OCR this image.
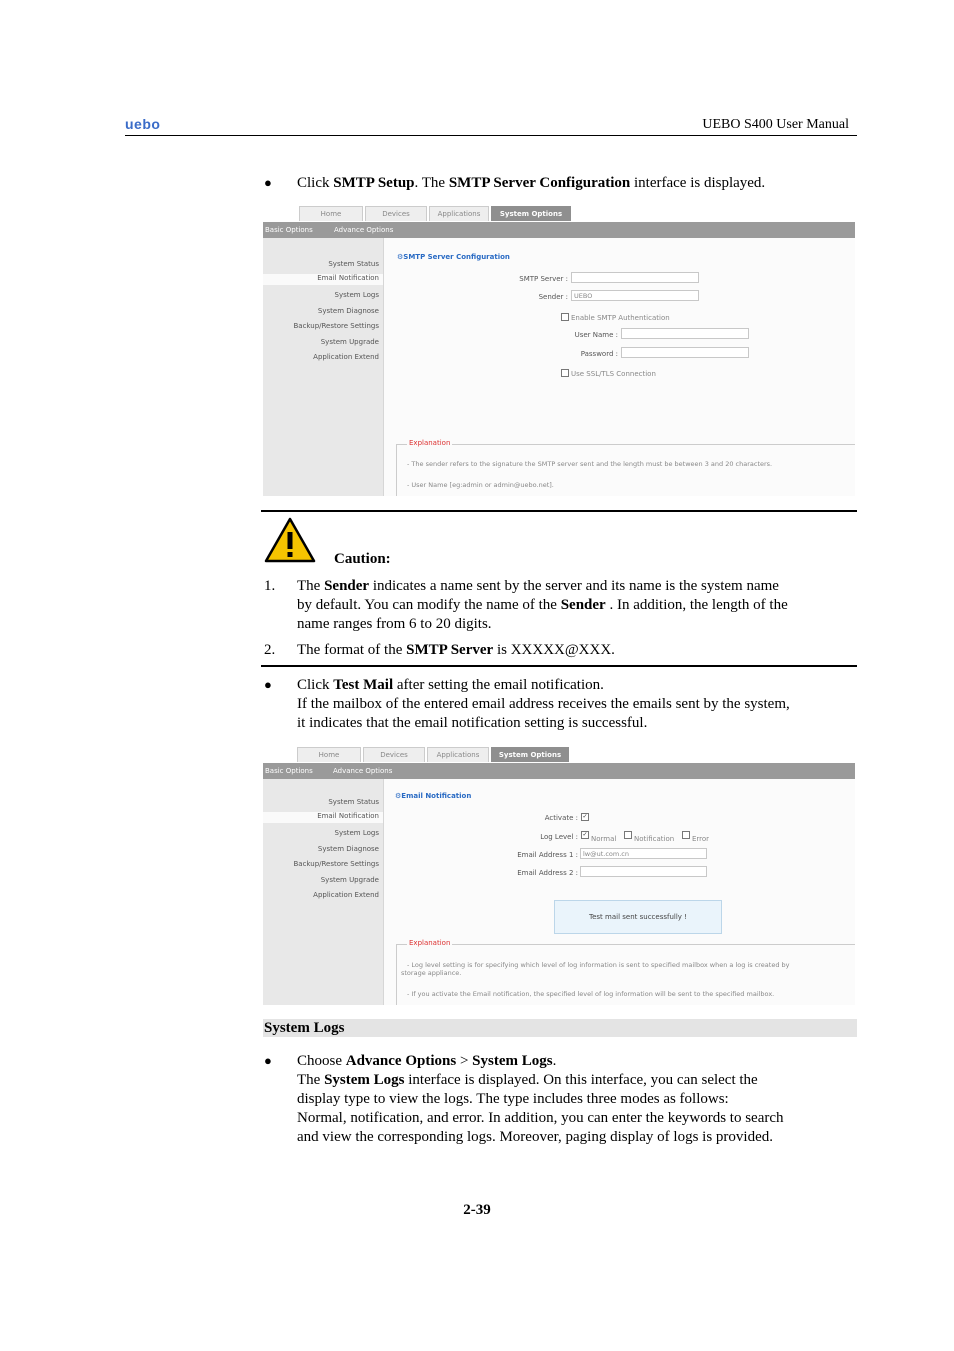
uebo	UEBO S400 User Manual
● Click SMTP Setup. The SMTP Server Configuration interface is displayed.
Home	Devices	Applications	System Options
Basic Options	Advance Options
System Status
Email Notification
System Logs
System Diagnose
Backup/Restore Settings
System Upgrade
Application Extend
⚙SMTP Server Configuration
SMTP Server :
Sender : UEBO
Enable SMTP Authentication
User Name :
Password :
Use SSL/TLS Connection
Explanation
- The sender refers to the signature the SMTP server sent and the length must be between 3 and 20 characters.
- User Name [eg:admin or admin@uebo.net].
Caution:
1. The Sender indicates a name sent by the server and its name is the system name
by default. You can modify the name of the Sender . In addition, the length of the
name ranges from 6 to 20 digits.
2. The format of the SMTP Server is XXXXX@XXX.
● Click Test Mail after setting the email notification.
If the mailbox of the entered email address receives the emails sent by the system,
it indicates that the email notification setting is successful.
Home	Devices	Applications	System Options
Basic Options	Advance Options
System Status
Email Notification
System Logs
System Diagnose
Backup/Restore Settings
System Upgrade
Application Extend
⚙Email Notification
Activate : ✓
Log Level : ✓
Normal	Notification	Error
Email Address 1 : lw@ut.com.cn
Email Address 2 :
Test mail sent successfully !
Explanation
- Log level setting is for specifying which level of log information is sent to specified mailbox when a log is created by
storage appliance.
- If you activate the Email notification, the specified level of log information will be sent to the specified mailbox.
System Logs
● Choose Advance Options > System Logs.
The System Logs interface is displayed. On this interface, you can select the
display type to view the logs. The type includes three modes as follows:
Normal, notification, and error. In addition, you can enter the keywords to search
and view the corresponding logs. Moreover, paging display of logs is provided.
2-39
